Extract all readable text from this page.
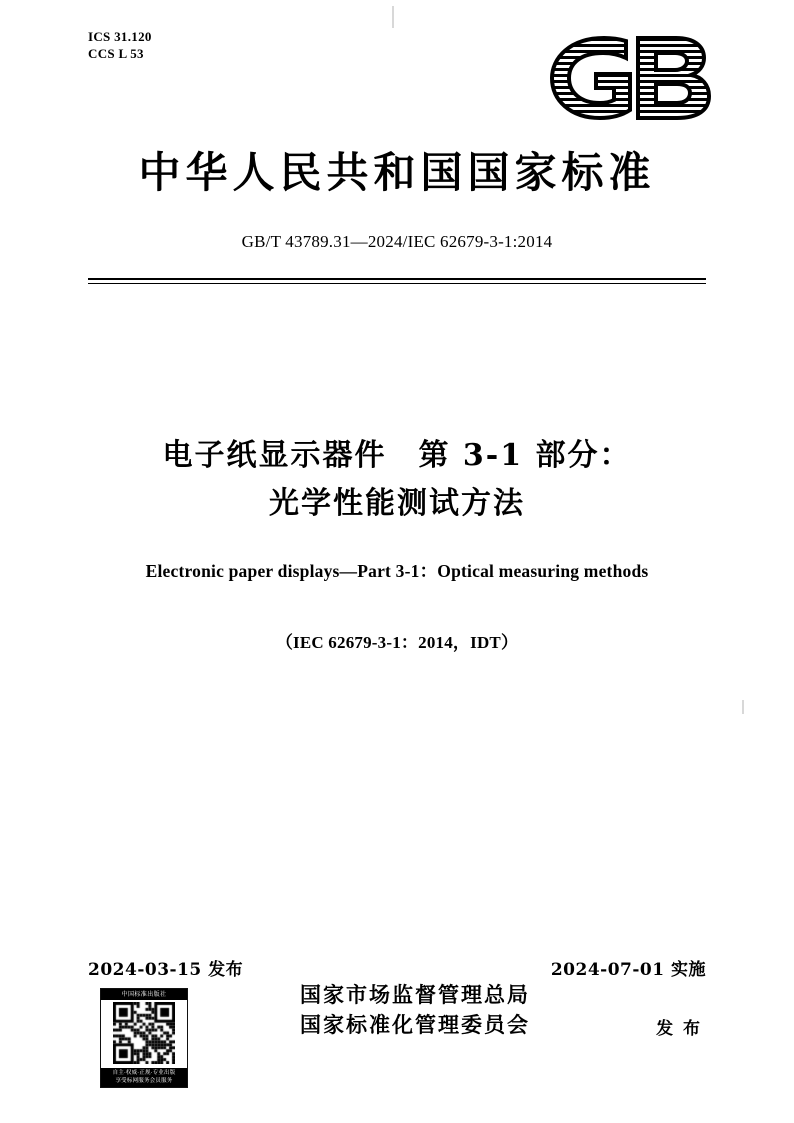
ICS 31.120
CCS L 53
中华人民共和国国家标准
GB/T 43789.31—2024/IEC 62679-3-1:2014
电子纸显示器件　第 3-1 部分：
光学性能测试方法
Electronic paper displays—Part 3-1：Optical measuring methods
（IEC 62679-3-1：2014，IDT）
2024-03-15 发布	2024-07-01 实施
国家市场监督管理总局
国家标准化管理委员会	发 布
中国标准出版社
自主·权威·正规·专业出版
享受标网服务会员服务
